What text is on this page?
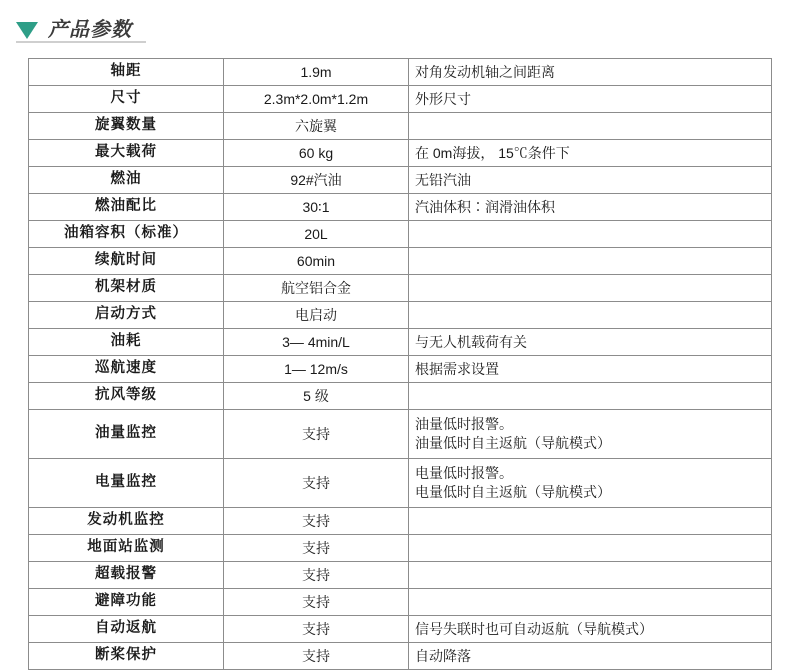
产品参数
轴距	1.9m	对角发动机轴之间距离

尺寸	2.3m*2.0m*1.2m	外形尺寸

旋翼数量	六旋翼	
最大载荷	60 kg	在 0m海拔， 15℃条件下

燃油	92#汽油	无铅汽油

燃油配比	30∶1	汽油体积∶润滑油体积

油箱容积（标准）	20L	
续航时间	60min	
机架材质	航空铝合金	
启动方式	电启动	
油耗	3— 4min/L	与无人机载荷有关

巡航速度	1— 12m/s	根据需求设置

抗风等级	5 级	
油量监控	支持	油量低时报警。
油量低时自主返航（导航模式）

电量监控	支持	电量低时报警。
电量低时自主返航（导航模式）

发动机监控	支持	
地面站监测	支持	
超载报警	支持	
避障功能	支持	
自动返航	支持	信号失联时也可自动返航（导航模式）

断桨保护	支持	自动降落
